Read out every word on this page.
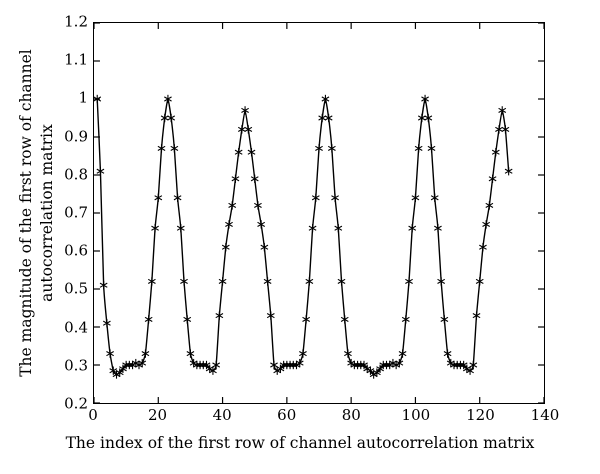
0.2
0.3
0.4
0.5
0.6
0.7
0.8
0.9
1
1.1
1.2
0	20	40	60	80	100 120 140
The index of the first row of channel autocorrelation matrix
The magnitude of the first row of channel autocorrelation matrix
